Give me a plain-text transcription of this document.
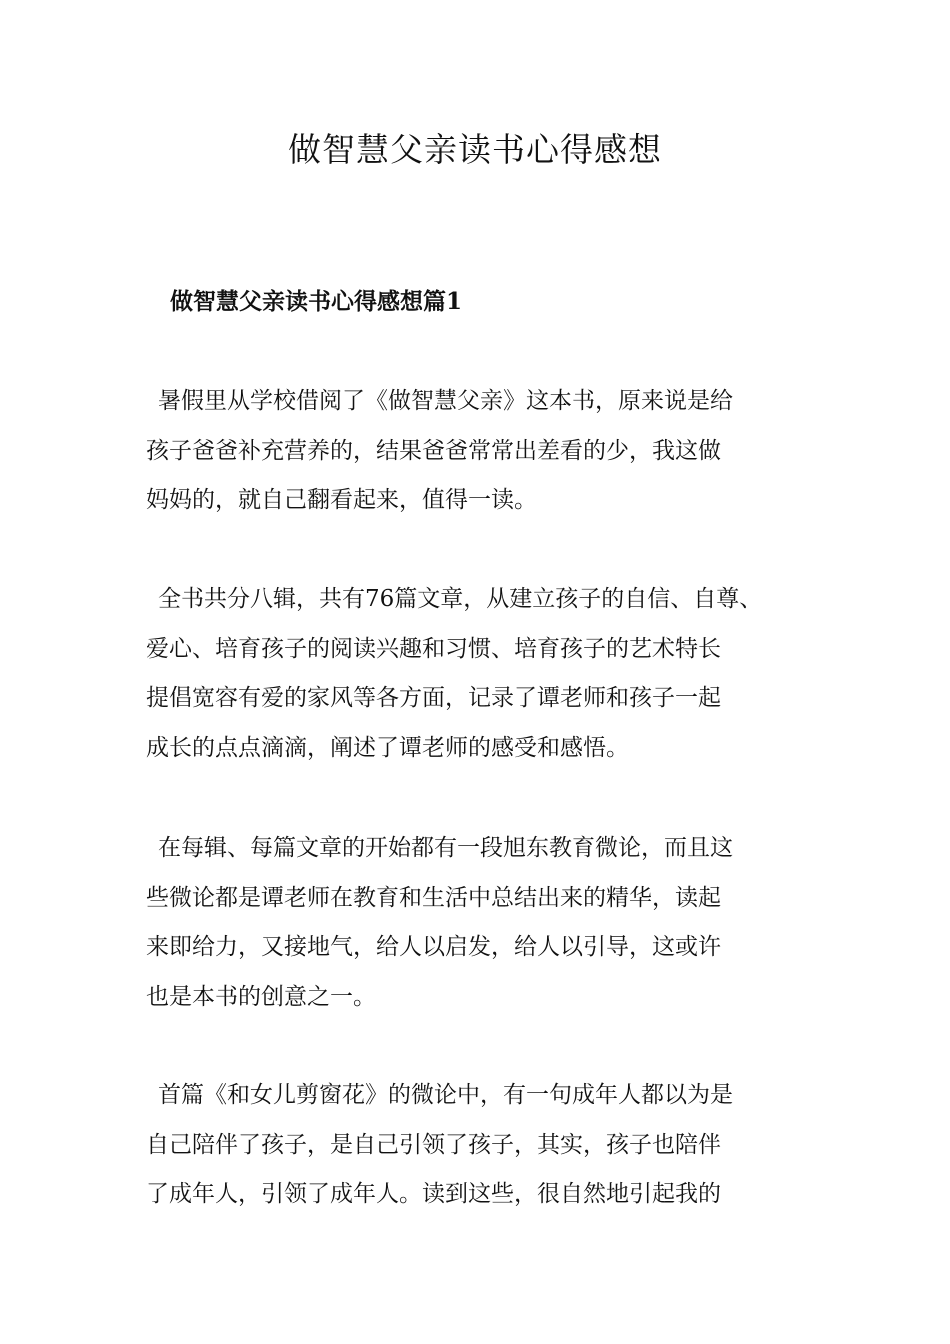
做智慧父亲读书心得感想
做智慧父亲读书心得感想篇1
暑假里从学校借阅了《做智慧父亲》这本书，原来说是给
孩子爸爸补充营养的，结果爸爸常常出差看的少，我这做
妈妈的，就自己翻看起来，值得一读。
全书共分八辑，共有76篇文章，从建立孩子的自信、自尊、
爱心、培育孩子的阅读兴趣和习惯、培育孩子的艺术特长
提倡宽容有爱的家风等各方面，记录了谭老师和孩子一起
成长的点点滴滴，阐述了谭老师的感受和感悟。
在每辑、每篇文章的开始都有一段旭东教育微论，而且这
些微论都是谭老师在教育和生活中总结出来的精华，读起
来即给力，又接地气，给人以启发，给人以引导，这或许
也是本书的创意之一。
首篇《和女儿剪窗花》的微论中，有一句成年人都以为是
自己陪伴了孩子，是自己引领了孩子，其实，孩子也陪伴
了成年人，引领了成年人。读到这些，很自然地引起我的
